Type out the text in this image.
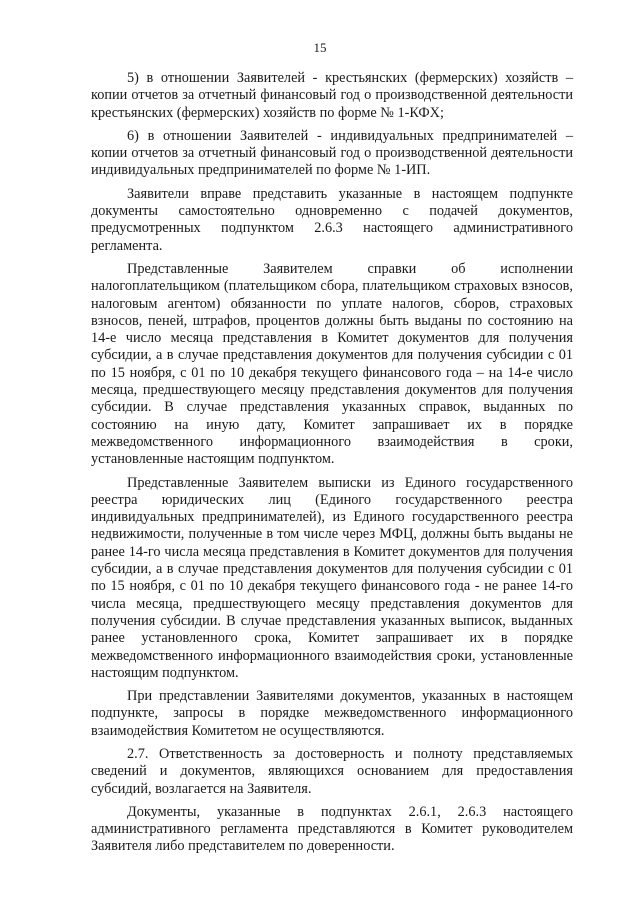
15

5) в отношении Заявителей - крестьянских (фермерских) хозяйств – копии отчетов за отчетный финансовый год о производственной деятельности крестьянских (фермерских) хозяйств по форме № 1-КФХ;

6) в отношении Заявителей - индивидуальных предпринимателей – копии отчетов за отчетный финансовый год о производственной деятельности индивидуальных предпринимателей по форме № 1-ИП.

Заявители вправе представить указанные в настоящем подпункте документы самостоятельно одновременно с подачей документов, предусмотренных подпунктом 2.6.3 настоящего административного регламента.

Представленные Заявителем справки об исполнении налогоплательщиком (плательщиком сбора, плательщиком страховых взносов, налоговым агентом) обязанности по уплате налогов, сборов, страховых взносов, пеней, штрафов, процентов должны быть выданы по состоянию на 14-е число месяца представления в Комитет документов для получения субсидии, а в случае представления документов для получения субсидии с 01 по 15 ноября, с 01 по 10 декабря текущего финансового года – на 14-е число месяца, предшествующего месяцу представления документов для получения субсидии. В случае представления указанных справок, выданных по состоянию на иную дату, Комитет запрашивает их в порядке межведомственного информационного взаимодействия в сроки, установленные настоящим подпунктом.

Представленные Заявителем выписки из Единого государственного реестра юридических лиц (Единого государственного реестра индивидуальных предпринимателей), из Единого государственного реестра недвижимости, полученные в том числе через МФЦ, должны быть выданы не ранее 14-го числа месяца представления в Комитет документов для получения субсидии, а в случае представления документов для получения субсидии с 01 по 15 ноября, с 01 по 10 декабря текущего финансового года - не ранее 14-го числа месяца, предшествующего месяцу представления документов для получения субсидии. В случае представления указанных выписок, выданных ранее установленного срока, Комитет запрашивает их в порядке межведомственного информационного взаимодействия сроки, установленные настоящим подпунктом.

При представлении Заявителями документов, указанных в настоящем подпункте, запросы в порядке межведомственного информационного взаимодействия Комитетом не осуществляются.

2.7. Ответственность за достоверность и полноту представляемых сведений и документов, являющихся основанием для предоставления субсидий, возлагается на Заявителя.

Документы, указанные в подпунктах 2.6.1, 2.6.3 настоящего административного регламента представляются в Комитет руководителем Заявителя либо представителем по доверенности.
